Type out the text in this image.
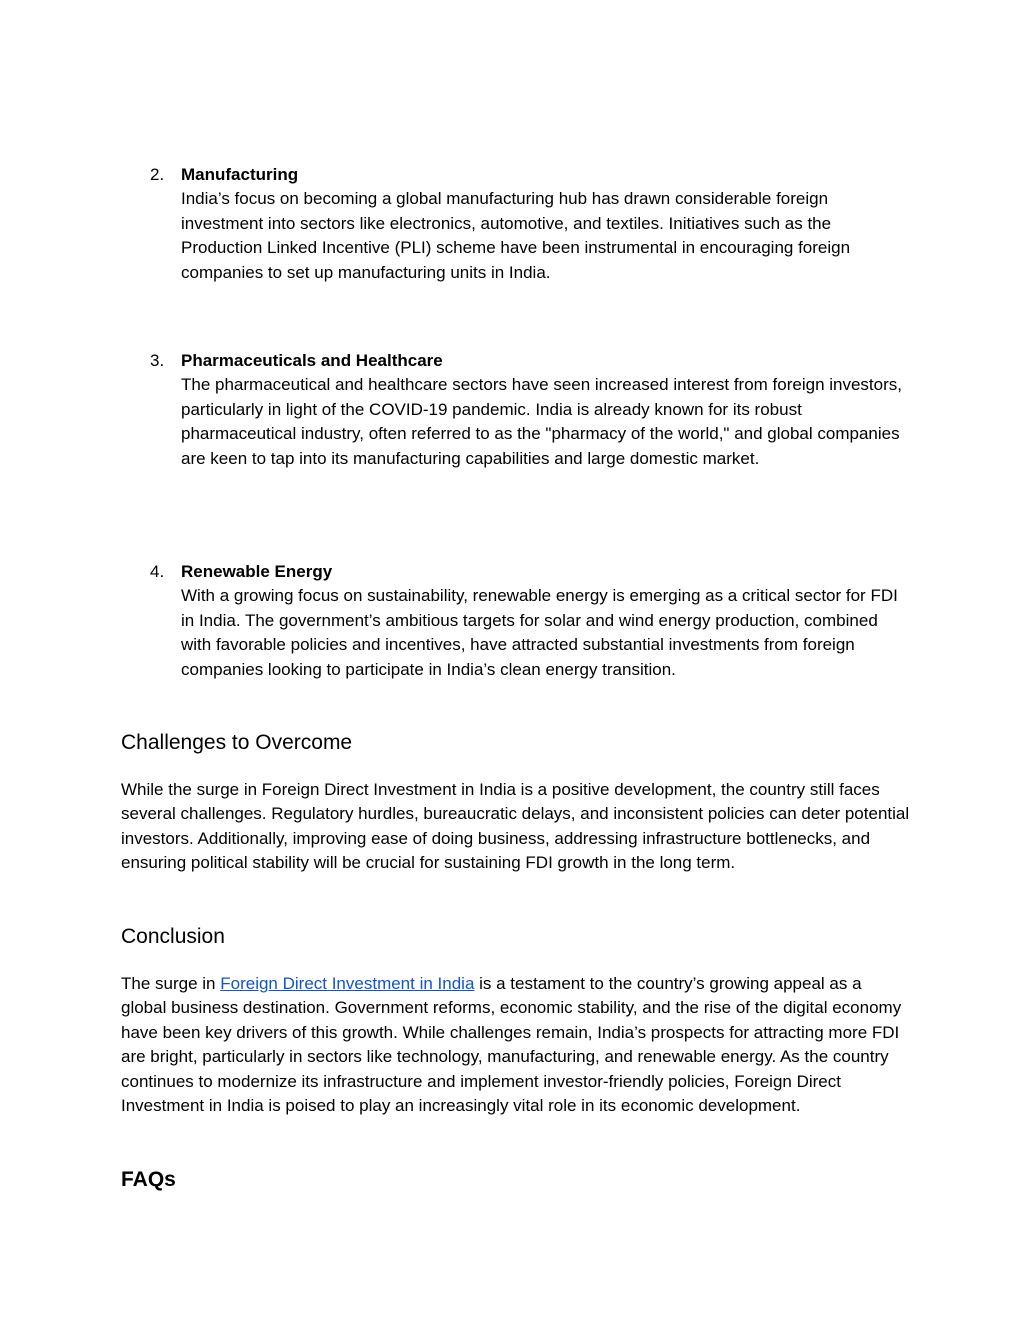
2. Manufacturing
India’s focus on becoming a global manufacturing hub has drawn considerable foreign investment into sectors like electronics, automotive, and textiles. Initiatives such as the Production Linked Incentive (PLI) scheme have been instrumental in encouraging foreign companies to set up manufacturing units in India.
3. Pharmaceuticals and Healthcare
The pharmaceutical and healthcare sectors have seen increased interest from foreign investors, particularly in light of the COVID-19 pandemic. India is already known for its robust pharmaceutical industry, often referred to as the "pharmacy of the world," and global companies are keen to tap into its manufacturing capabilities and large domestic market.
4. Renewable Energy
With a growing focus on sustainability, renewable energy is emerging as a critical sector for FDI in India. The government’s ambitious targets for solar and wind energy production, combined with favorable policies and incentives, have attracted substantial investments from foreign companies looking to participate in India’s clean energy transition.
Challenges to Overcome

While the surge in Foreign Direct Investment in India is a positive development, the country still faces several challenges. Regulatory hurdles, bureaucratic delays, and inconsistent policies can deter potential investors. Additionally, improving ease of doing business, addressing infrastructure bottlenecks, and ensuring political stability will be crucial for sustaining FDI growth in the long term.

Conclusion

The surge in Foreign Direct Investment in India is a testament to the country’s growing appeal as a global business destination. Government reforms, economic stability, and the rise of the digital economy have been key drivers of this growth. While challenges remain, India’s prospects for attracting more FDI are bright, particularly in sectors like technology, manufacturing, and renewable energy. As the country continues to modernize its infrastructure and implement investor-friendly policies, Foreign Direct Investment in India is poised to play an increasingly vital role in its economic development.

FAQs
